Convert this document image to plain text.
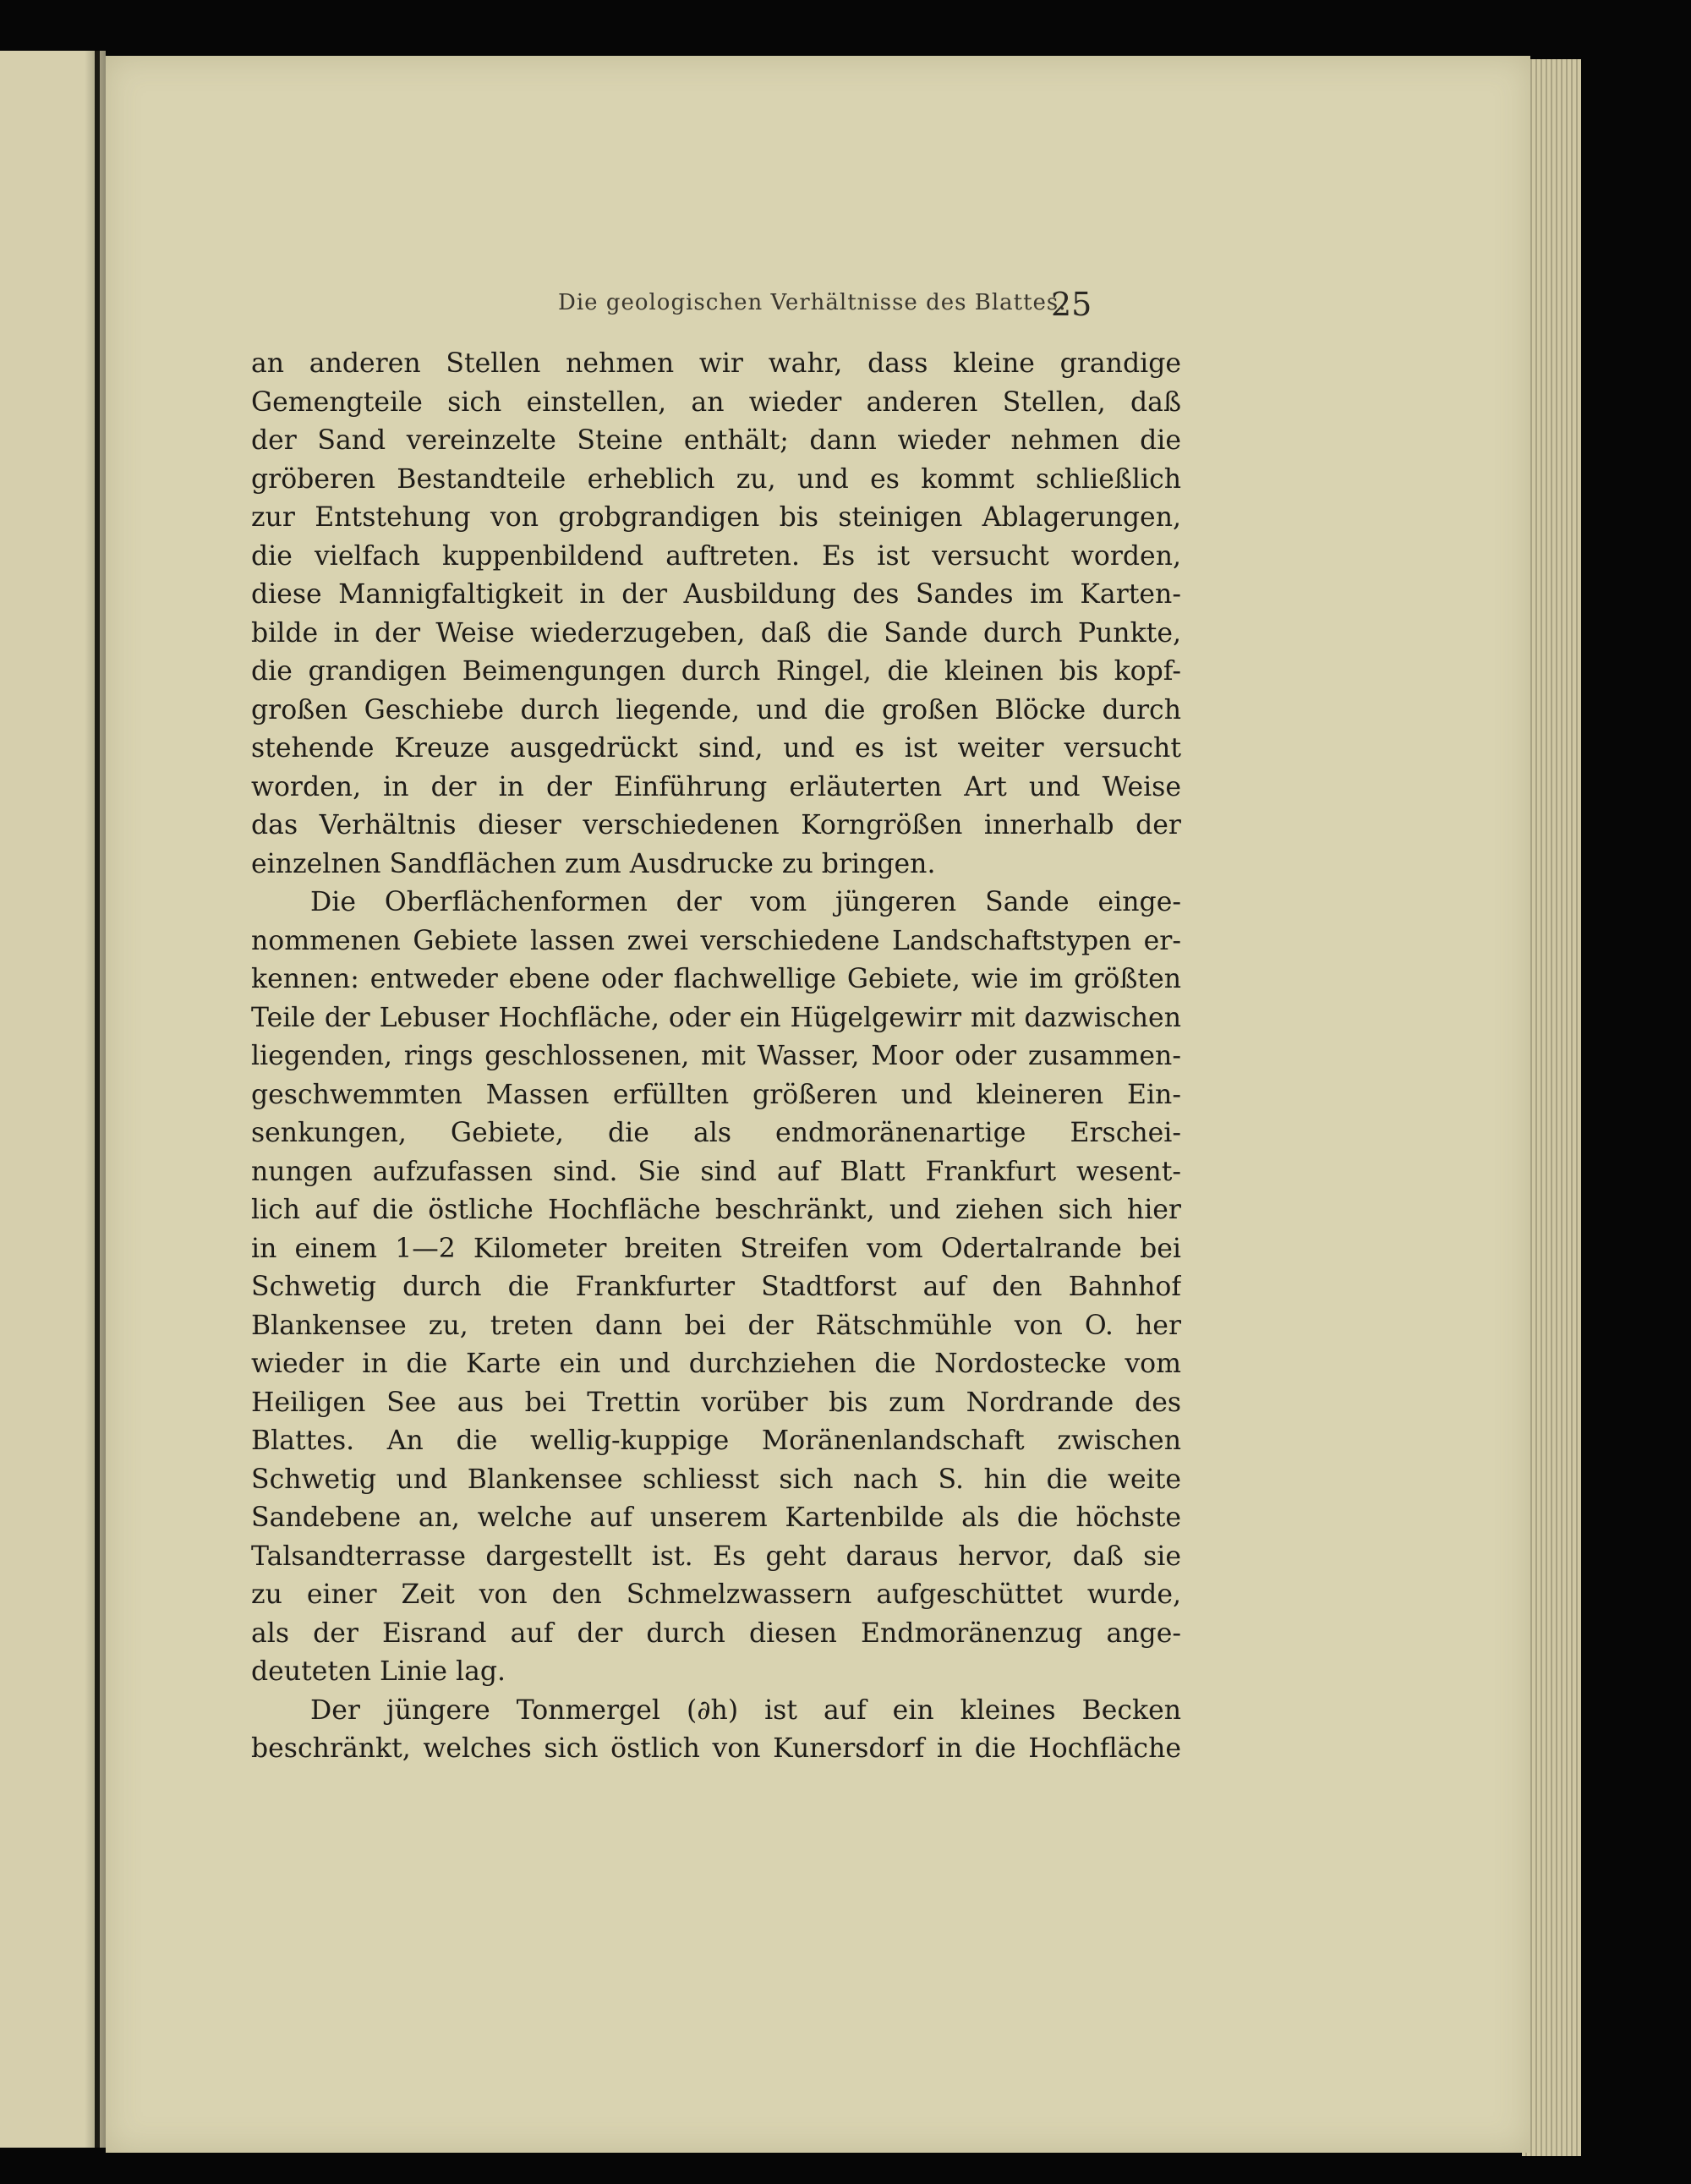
Die geologischen Verhältnisse des Blattes.
25
an anderen Stellen nehmen wir wahr, dass kleine grandige
Gemengteile sich einstellen, an wieder anderen Stellen, daß
der Sand vereinzelte Steine enthält; dann wieder nehmen die
gröberen Bestandteile erheblich zu, und es kommt schließlich
zur Entstehung von grobgrandigen bis steinigen Ablagerungen,
die vielfach kuppenbildend auftreten. Es ist versucht worden,
diese Mannigfaltigkeit in der Ausbildung des Sandes im Karten-
bilde in der Weise wiederzugeben, daß die Sande durch Punkte,
die grandigen Beimengungen durch Ringel, die kleinen bis kopf-
großen Geschiebe durch liegende, und die großen Blöcke durch
stehende Kreuze ausgedrückt sind, und es ist weiter versucht
worden, in der in der Einführung erläuterten Art und Weise
das Verhältnis dieser verschiedenen Korngrößen innerhalb der
einzelnen Sandflächen zum Ausdrucke zu bringen.
Die Oberflächenformen der vom jüngeren Sande einge-
nommenen Gebiete lassen zwei verschiedene Landschaftstypen er-
kennen: entweder ebene oder flachwellige Gebiete, wie im größten
Teile der Lebuser Hochfläche, oder ein Hügelgewirr mit dazwischen
liegenden, rings geschlossenen, mit Wasser, Moor oder zusammen-
geschwemmten Massen erfüllten größeren und kleineren Ein-
senkungen, Gebiete, die als endmoränenartige Erschei-
nungen aufzufassen sind. Sie sind auf Blatt Frankfurt wesent-
lich auf die östliche Hochfläche beschränkt, und ziehen sich hier
in einem 1—2 Kilometer breiten Streifen vom Odertalrande bei
Schwetig durch die Frankfurter Stadtforst auf den Bahnhof
Blankensee zu, treten dann bei der Rätschmühle von O. her
wieder in die Karte ein und durchziehen die Nordostecke vom
Heiligen See aus bei Trettin vorüber bis zum Nordrande des
Blattes. An die wellig-kuppige Moränenlandschaft zwischen
Schwetig und Blankensee schliesst sich nach S. hin die weite
Sandebene an, welche auf unserem Kartenbilde als die höchste
Talsandterrasse dargestellt ist. Es geht daraus hervor, daß sie
zu einer Zeit von den Schmelzwassern aufgeschüttet wurde,
als der Eisrand auf der durch diesen Endmoränenzug ange-
deuteten Linie lag.
Der jüngere Tonmergel (∂h) ist auf ein kleines Becken
beschränkt, welches sich östlich von Kunersdorf in die Hochfläche
